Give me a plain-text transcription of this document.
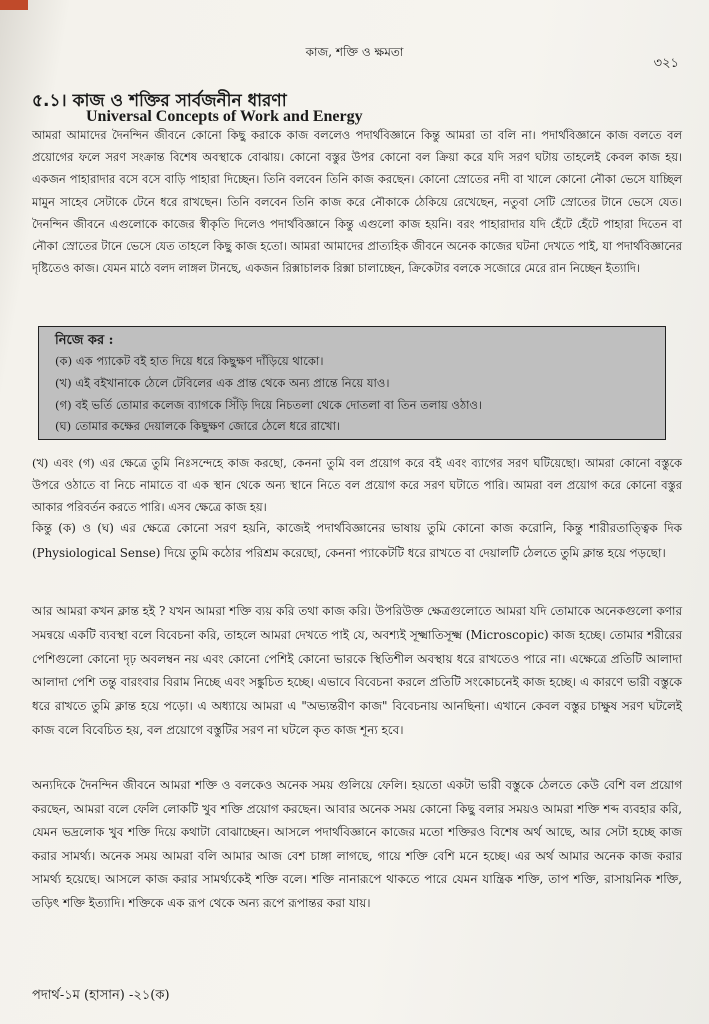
কাজ, শক্তি ও ক্ষমতা
৩২১
৫.১। কাজ ও শক্তির সার্বজনীন ধারণা
Universal Concepts of Work and Energy
আমরা আমাদের দৈনন্দিন জীবনে কোনো কিছু করাকে কাজ বললেও পদার্থবিজ্ঞানে কিন্তু আমরা তা বলি না। পদার্থবিজ্ঞানে কাজ বলতে বল প্রয়োগের ফলে সরণ সংক্রান্ত বিশেষ অবস্থাকে বোঝায়। কোনো বস্তুর উপর কোনো বল ক্রিয়া করে যদি সরণ ঘটায় তাহলেই কেবল কাজ হয়। একজন পাহারাদার বসে বসে বাড়ি পাহারা দিচ্ছেন। তিনি বলবেন তিনি কাজ করছেন। কোনো স্রোতের নদী বা খালে কোনো নৌকা ভেসে যাচ্ছিল মামুন সাহেব সেটাকে টেনে ধরে রাখছেন। তিনি বলবেন তিনি কাজ করে নৌকাকে ঠেকিয়ে রেখেছেন, নতুবা সেটি স্রোতের টানে ভেসে যেত। দৈনন্দিন জীবনে এগুলোকে কাজের স্বীকৃতি দিলেও পদার্থবিজ্ঞানে কিন্তু এগুলো কাজ হয়নি। বরং পাহারাদার যদি হেঁটে হেঁটে পাহারা দিতেন বা নৌকা স্রোতের টানে ভেসে যেত তাহলে কিছু কাজ হতো। আমরা আমাদের প্রাত্যহিক জীবনে অনেক কাজের ঘটনা দেখতে পাই, যা পদার্থবিজ্ঞানের দৃষ্টিতেও কাজ। যেমন মাঠে বলদ লাঙ্গল টানছে, একজন রিক্সাচালক রিক্সা চালাচ্ছেন, ক্রিকেটার বলকে সজোরে মেরে রান নিচ্ছেন ইত্যাদি।
নিজে কর :
(ক) এক প্যাকেট বই হাত দিয়ে ধরে কিছুক্ষণ দাঁড়িয়ে থাকো।
(খ) এই বইখানাকে ঠেলে টেবিলের এক প্রান্ত থেকে অন্য প্রান্তে নিয়ে যাও।
(গ) বই ভর্তি তোমার কলেজ ব্যাগকে সিঁড়ি দিয়ে নিচতলা থেকে দোতলা বা তিন তলায় ওঠাও।
(ঘ) তোমার কক্ষের দেয়ালকে কিছুক্ষণ জোরে ঠেলে ধরে রাখো।
(খ) এবং (গ) এর ক্ষেত্রে তুমি নিঃসন্দেহে কাজ করছো, কেননা তুমি বল প্রয়োগ করে বই এবং ব্যাগের সরণ ঘটিয়েছো। আমরা কোনো বস্তুকে উপরে ওঠাতে বা নিচে নামাতে বা এক স্থান থেকে অন্য স্থানে নিতে বল প্রয়োগ করে সরণ ঘটাতে পারি। আমরা বল প্রয়োগ করে কোনো বস্তুর আকার পরিবর্তন করতে পারি। এসব ক্ষেত্রে কাজ হয়।
কিন্তু (ক) ও (ঘ) এর ক্ষেত্রে কোনো সরণ হয়নি, কাজেই পদার্থবিজ্ঞানের ভাষায় তুমি কোনো কাজ করোনি, কিন্তু শারীরতাত্ত্বিক দিক (Physiological Sense) দিয়ে তুমি কঠোর পরিশ্রম করেছো, কেননা প্যাকেটটি ধরে রাখতে বা দেয়ালটি ঠেলতে তুমি ক্লান্ত হয়ে পড়ছো।
আর আমরা কখন ক্লান্ত হই ? যখন আমরা শক্তি ব্যয় করি তথা কাজ করি। উপরিউক্ত ক্ষেত্রগুলোতে আমরা যদি তোমাকে অনেকগুলো কণার সমন্বয়ে একটি ব্যবস্থা বলে বিবেচনা করি, তাহলে আমরা দেখতে পাই যে, অবশ্যই সূক্ষ্মাতিসূক্ষ্ম (Microscopic) কাজ হচ্ছে। তোমার শরীরের পেশিগুলো কোনো দৃঢ় অবলম্বন নয় এবং কোনো পেশিই কোনো ভারকে স্থিতিশীল অবস্থায় ধরে রাখতেও পারে না। এক্ষেত্রে প্রতিটি আলাদা আলাদা পেশি তন্তু বারংবার বিরাম নিচ্ছে এবং সঙ্কুচিত হচ্ছে। এভাবে বিবেচনা করলে প্রতিটি সংকোচনেই কাজ হচ্ছে। এ কারণে ভারী বস্তুকে ধরে রাখতে তুমি ক্লান্ত হয়ে পড়ো। এ অধ্যায়ে আমরা এ "অভ্যন্তরীণ কাজ" বিবেচনায় আনছিনা। এখানে কেবল বস্তুর চাক্ষুষ সরণ ঘটলেই কাজ বলে বিবেচিত হয়, বল প্রয়োগে বস্তুটির সরণ না ঘটলে কৃত কাজ শূন্য হবে।
অন্যদিকে দৈনন্দিন জীবনে আমরা শক্তি ও বলকেও অনেক সময় গুলিয়ে ফেলি। হয়তো একটা ভারী বস্তুকে ঠেলতে কেউ বেশি বল প্রয়োগ করছেন, আমরা বলে ফেলি লোকটি খুব শক্তি প্রয়োগ করছেন। আবার অনেক সময় কোনো কিছু বলার সময়ও আমরা শক্তি শব্দ ব্যবহার করি, যেমন ভদ্রলোক খুব শক্তি দিয়ে কথাটা বোঝাচ্ছেন। আসলে পদার্থবিজ্ঞানে কাজের মতো শক্তিরও বিশেষ অর্থ আছে, আর সেটা হচ্ছে কাজ করার সামর্থ্য। অনেক সময় আমরা বলি আমার আজ বেশ চাঙ্গা লাগছে, গায়ে শক্তি বেশি মনে হচ্ছে। এর অর্থ আমার অনেক কাজ করার সামর্থ্য হয়েছে। আসলে কাজ করার সামর্থ্যকেই শক্তি বলে। শক্তি নানারূপে থাকতে পারে যেমন যান্ত্রিক শক্তি, তাপ শক্তি, রাসায়নিক শক্তি, তড়িৎ শক্তি ইত্যাদি। শক্তিকে এক রূপ থেকে অন্য রূপে রূপান্তর করা যায়।
পদার্থ-১ম (হাসান) -২১(ক)
